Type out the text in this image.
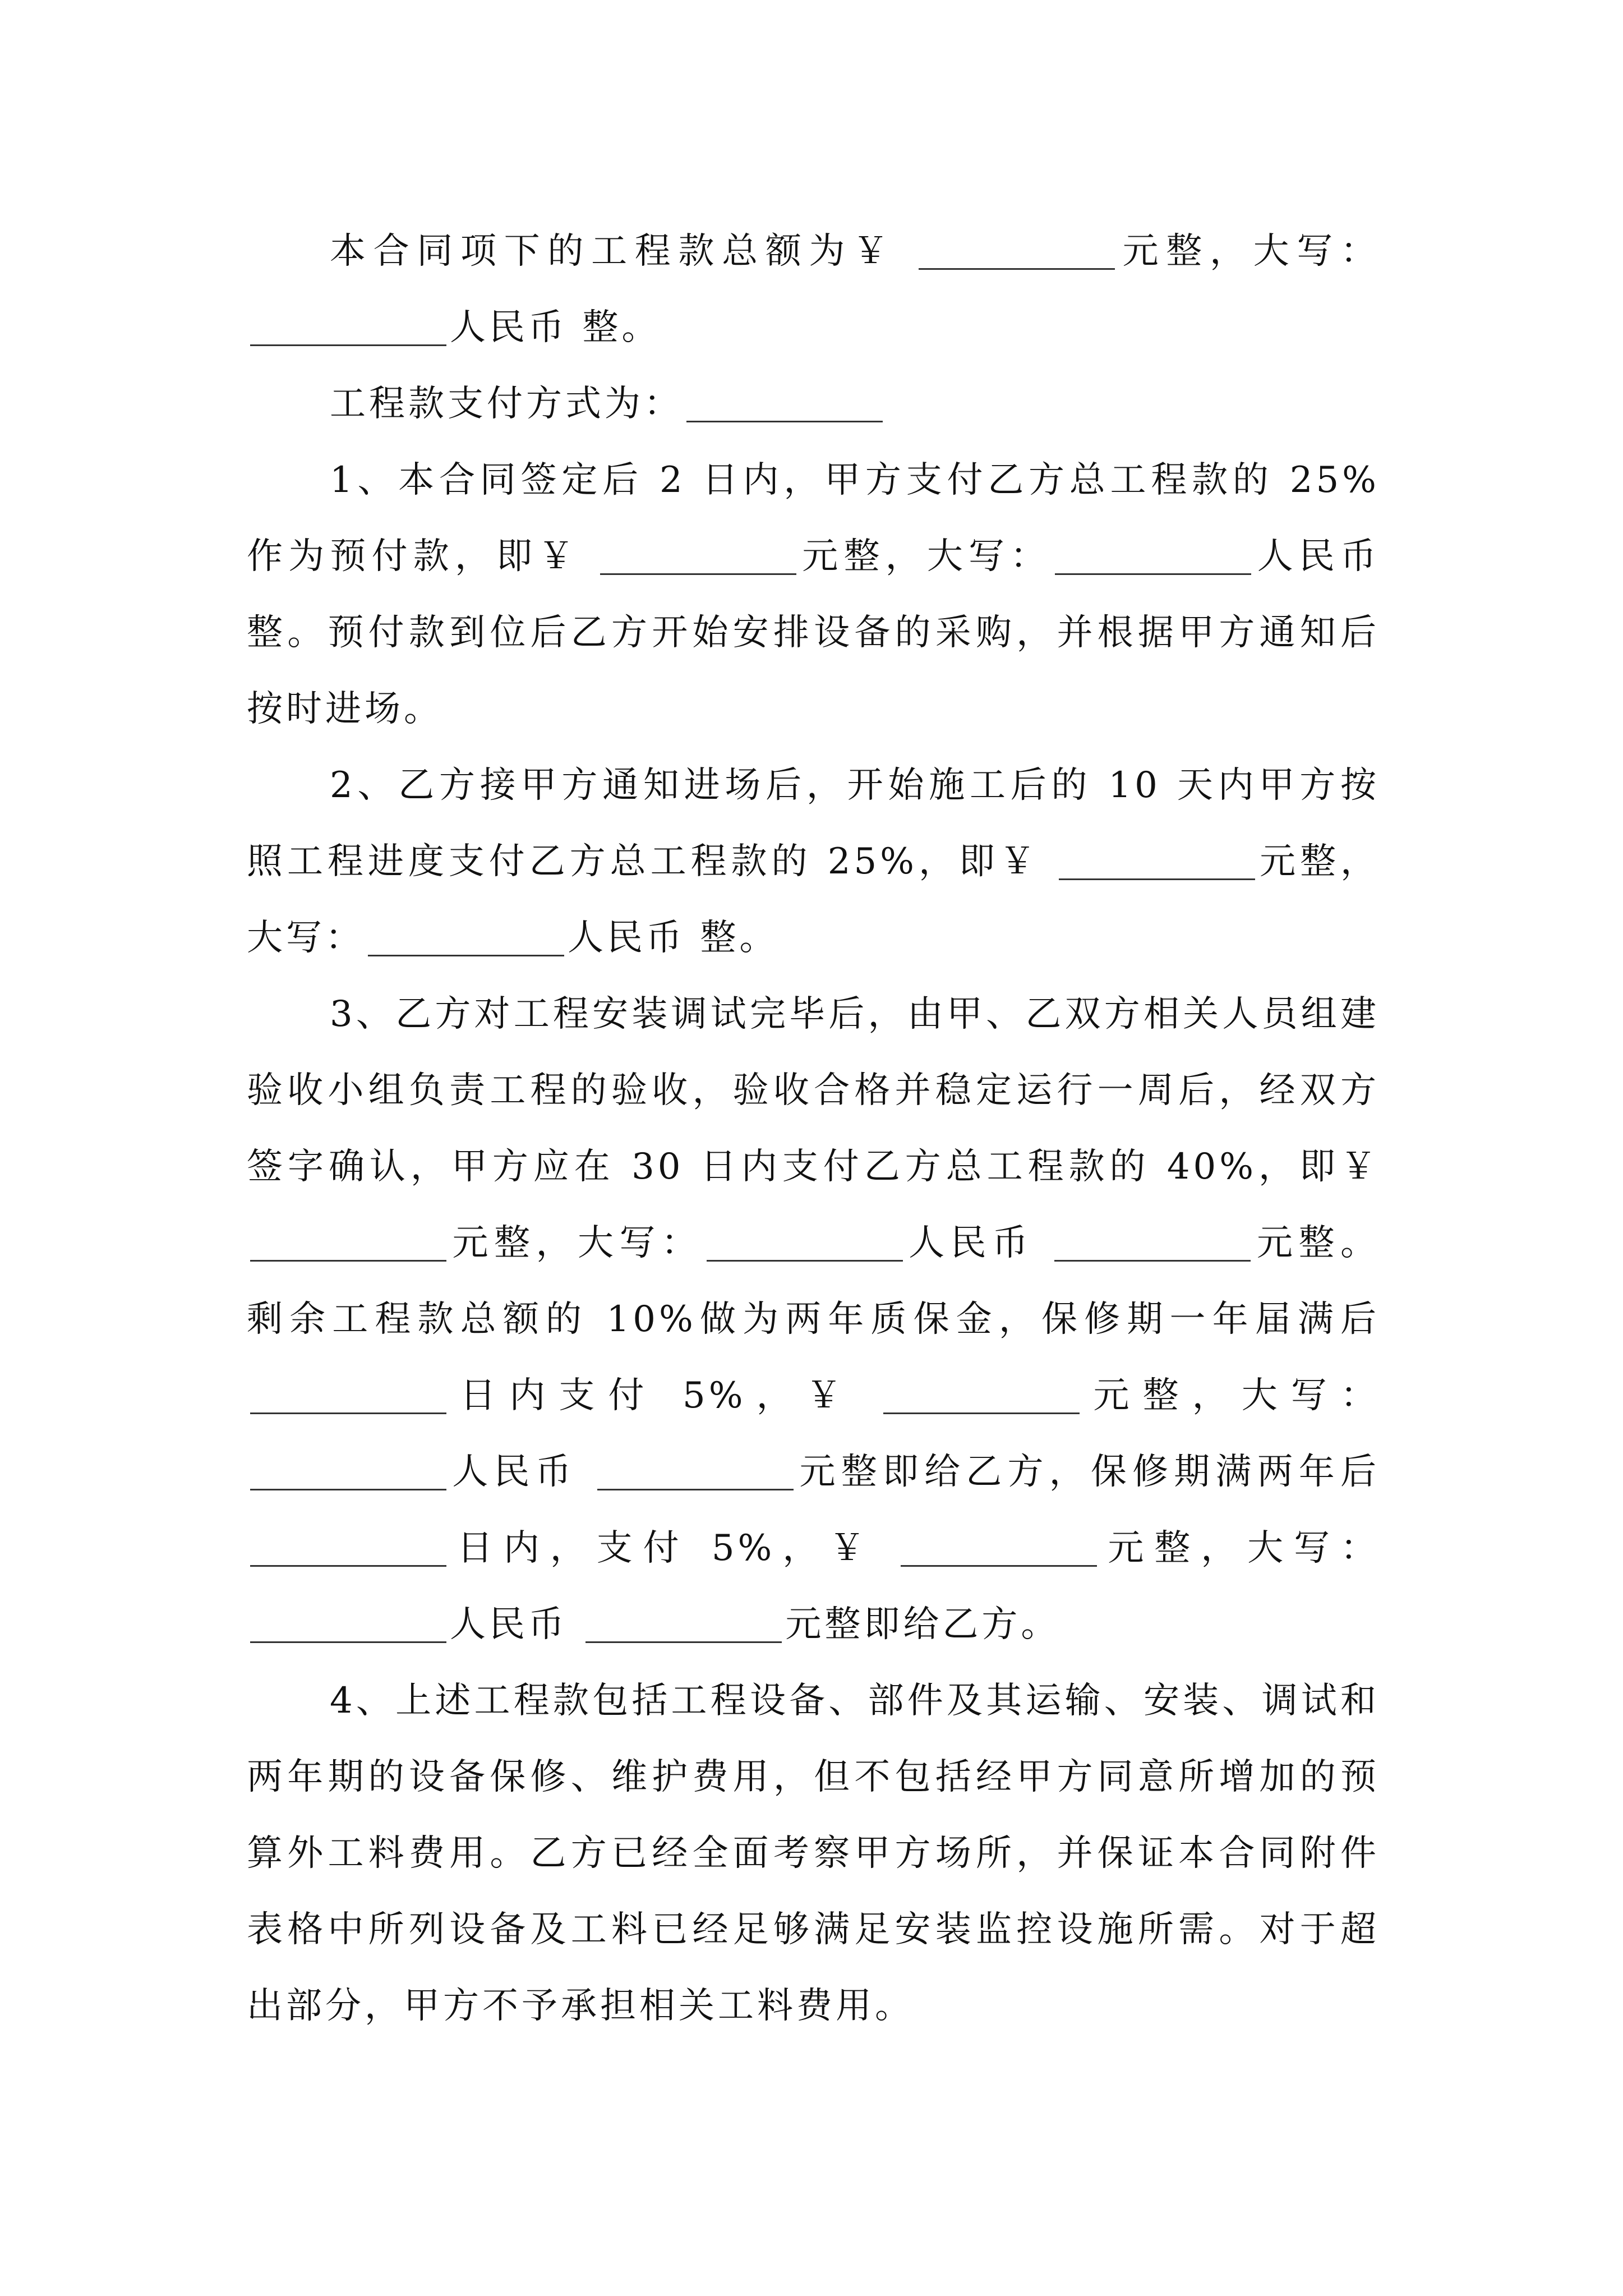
本合同项下的工程款总额为￥	元整，大写：人民币 整。

工程款支付方式为：

1、本合同签定后 2 日内，甲方支付乙方总工程款的 25%作为预付款，即￥	元整，大写：	人民币 整。预付款到位后乙方开始安排设备的采购，并根据甲方通知后按时进场。

2、乙方接甲方通知进场后，开始施工后的 10 天内甲方按照工程进度支付乙方总工程款的 25%，即￥	元整，大写：	人民币 整。

3、乙方对工程安装调试完毕后，由甲、乙双方相关人员组建验收小组负责工程的验收，验收合格并稳定运行一周后，经双方签字确认，甲方应在 30 日内支付乙方总工程款的 40%，即￥ 元整，大写：	人民币	元整。剩余工程款总额的 10%做为两年质保金，保修期一年届满后 日内支付 5%，￥	元整，大写：人民币	元整即给乙方，保修期满两年后 日内，支付 5%，￥	元整，大写：人民币	元整即给乙方。

4、上述工程款包括工程设备、部件及其运输、安装、调试和两年期的设备保修、维护费用，但不包括经甲方同意所增加的预算外工料费用。乙方已经全面考察甲方场所，并保证本合同附件表格中所列设备及工料已经足够满足安装监控设施所需。对于超出部分，甲方不予承担相关工料费用。
